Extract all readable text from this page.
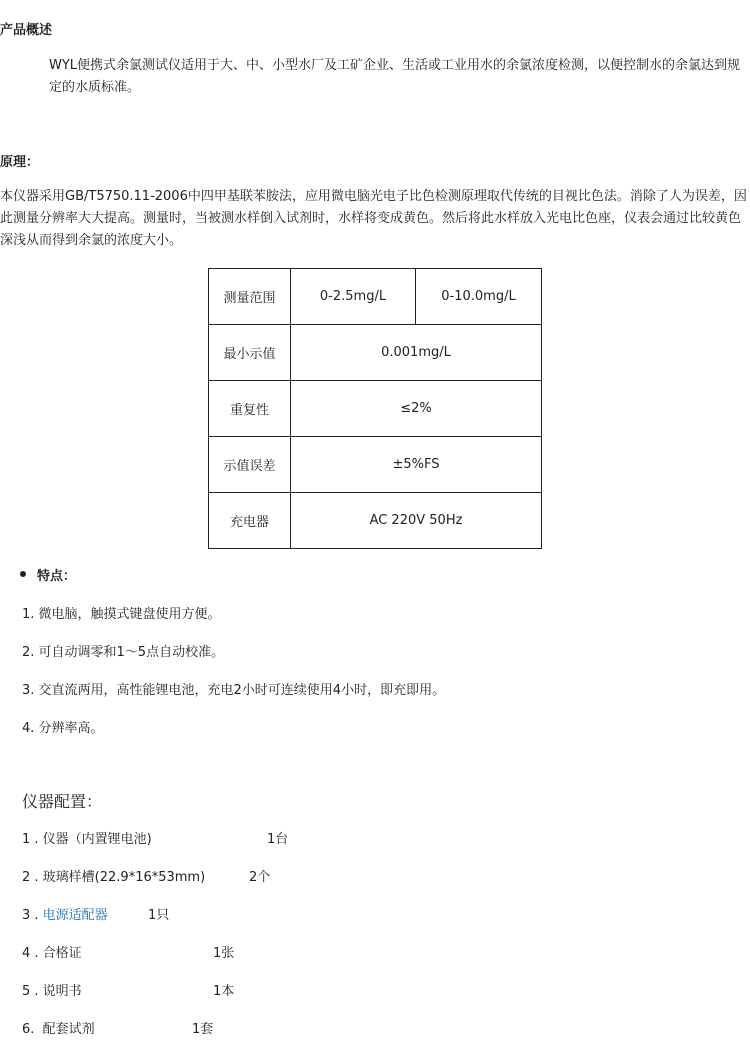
产品概述
WYL便携式余氯测试仪适用于大、中、小型水厂及工矿企业、生活或工业用水的余氯浓度检测，以便控制水的余氯达到规定的水质标准。
原理：
本仪器采用GB/T5750.11-2006中四甲基联苯胺法，应用微电脑光电子比色检测原理取代传统的目视比色法。消除了人为误差，因此测量分辨率大大提高。测量时，当被测水样倒入试剂时，水样将变成黄色。然后将此水样放入光电比色座，仪表会通过比较黄色深浅从而得到余氯的浓度大小。
测量范围	0-2.5mg/L	0-10.0mg/L
最小示值	0.001mg/L	
重复性	≤2%	
示值误差	±5%FS	
充电器	AC 220V 50Hz	
特点：
1. 微电脑，触摸式键盘使用方便。
2. 可自动调零和1～5点自动校准。
3. 交直流两用，高性能锂电池，充电2小时可连续使用4小时，即充即用。
4. 分辨率高。
仪器配置：
1 . 仪器（内置锂电池)	1台
2 . 玻璃样槽(22.9*16*53mm)	2个
3 . 电源适配器	1只
4 . 合格证	1张
5 . 说明书	1本
6.  配套试剂	1套
